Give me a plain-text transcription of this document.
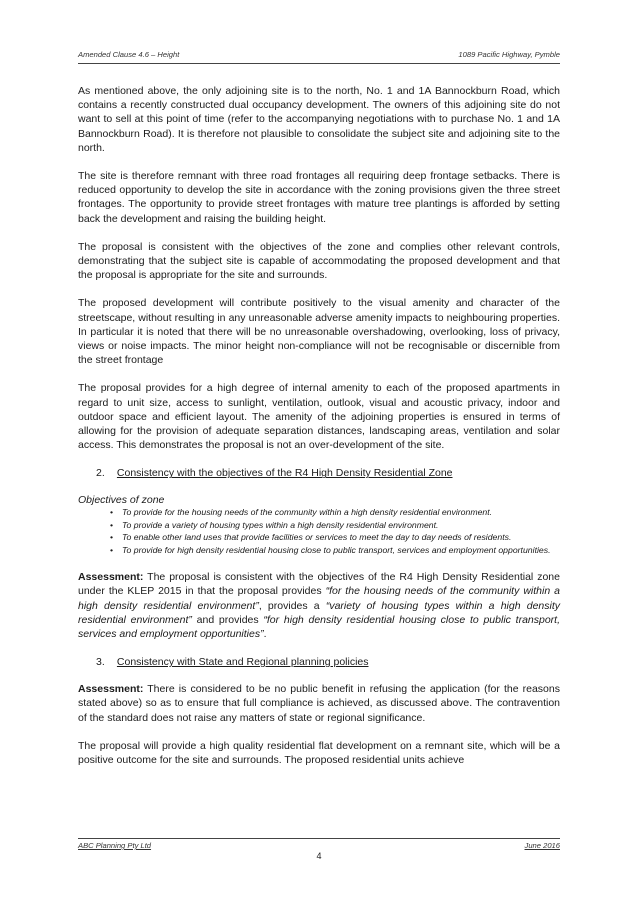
Amended Clause 4.6 – Height	1089 Pacific Highway, Pymble

As mentioned above, the only adjoining site is to the north, No. 1 and 1A Bannockburn Road, which contains a recently constructed dual occupancy development. The owners of this adjoining site do not want to sell at this point of time (refer to the accompanying negotiations with to purchase No. 1 and 1A Bannockburn Road). It is therefore not plausible to consolidate the subject site and adjoining site to the north.

The site is therefore remnant with three road frontages all requiring deep frontage setbacks. There is reduced opportunity to develop the site in accordance with the zoning provisions given the three street frontages. The opportunity to provide street frontages with mature tree plantings is afforded by setting back the development and raising the building height.

The proposal is consistent with the objectives of the zone and complies other relevant controls, demonstrating that the subject site is capable of accommodating the proposed development and that the proposal is appropriate for the site and surrounds.

The proposed development will contribute positively to the visual amenity and character of the streetscape, without resulting in any unreasonable adverse amenity impacts to neighbouring properties. In particular it is noted that there will be no unreasonable overshadowing, overlooking, loss of privacy, views or noise impacts. The minor height non-compliance will not be recognisable or discernible from the street frontage

The proposal provides for a high degree of internal amenity to each of the proposed apartments in regard to unit size, access to sunlight, ventilation, outlook, visual and acoustic privacy, indoor and outdoor space and efficient layout. The amenity of the adjoining properties is ensured in terms of allowing for the provision of adequate separation distances, landscaping areas, ventilation and solar access. This demonstrates the proposal is not an over-development of the site.

2. Consistency with the objectives of the R4 High Density Residential Zone
Objectives of zone
• To provide for the housing needs of the community within a high density residential environment.
• To provide a variety of housing types within a high density residential environment.
• To enable other land uses that provide facilities or services to meet the day to day needs of residents.
• To provide for high density residential housing close to public transport, services and employment opportunities.

Assessment: The proposal is consistent with the objectives of the R4 High Density Residential zone under the KLEP 2015 in that the proposal provides “for the housing needs of the community within a high density residential environment”, provides a “variety of housing types within a high density residential environment” and provides “for high density residential housing close to public transport, services and employment opportunities”.

3. Consistency with State and Regional planning policies

Assessment: There is considered to be no public benefit in refusing the application (for the reasons stated above) so as to ensure that full compliance is achieved, as discussed above. The contravention of the standard does not raise any matters of state or regional significance.

The proposal will provide a high quality residential flat development on a remnant site, which will be a positive outcome for the site and surrounds. The proposed residential units achieve

ABC Planning Pty Ltd	June 2016
4
